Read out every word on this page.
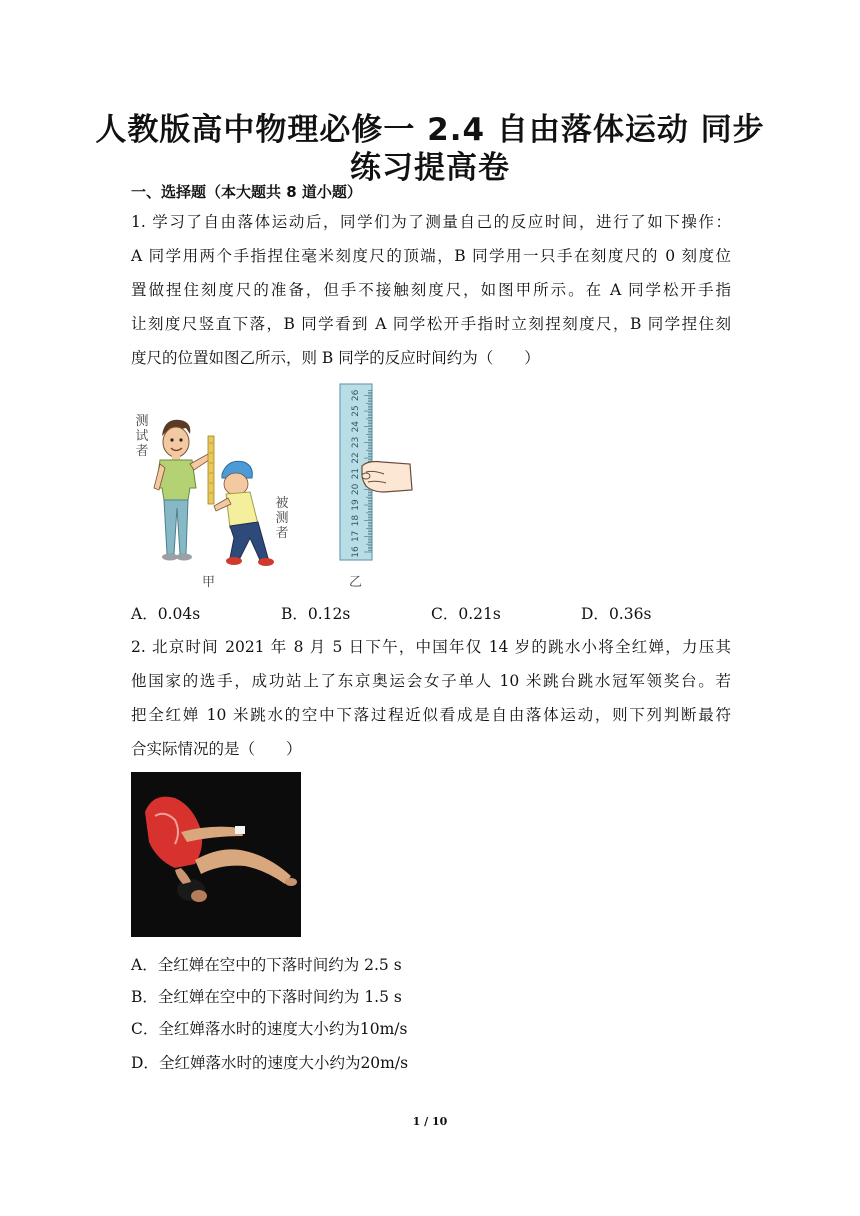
人教版高中物理必修一 2.4 自由落体运动 同步
练习提高卷
一、选择题（本大题共 8 道小题）
1. 学习了自由落体运动后，同学们为了测量自己的反应时间，进行了如下操作：
A 同学用两个手指捏住毫米刻度尺的顶端，B 同学用一只手在刻度尺的 0 刻度位
置做捏住刻度尺的准备，但手不接触刻度尺，如图甲所示。在 A 同学松开手指
让刻度尺竖直下落，B 同学看到 A 同学松开手指时立刻捏刻度尺，B 同学捏住刻
度尺的位置如图乙所示，则 B 同学的反应时间约为（　　）
测
试
者
被
测
者
甲
16
17
18
19
20
21
22
23
24
25
26
乙
A．0.04s	B．0.12s	C．0.21s	D．0.36s
2. 北京时间 2021 年 8 月 5 日下午，中国年仅 14 岁的跳水小将全红婵，力压其
他国家的选手，成功站上了东京奥运会女子单人 10 米跳台跳水冠军领奖台。若
把全红婵 10 米跳水的空中下落过程近似看成是自由落体运动，则下列判断最符
合实际情况的是（　　）
A．全红婵在空中的下落时间约为 2.5 s
B．全红婵在空中的下落时间约为 1.5 s
C．全红婵落水时的速度大小约为10m/s
D．全红婵落水时的速度大小约为20m/s
1 / 10
